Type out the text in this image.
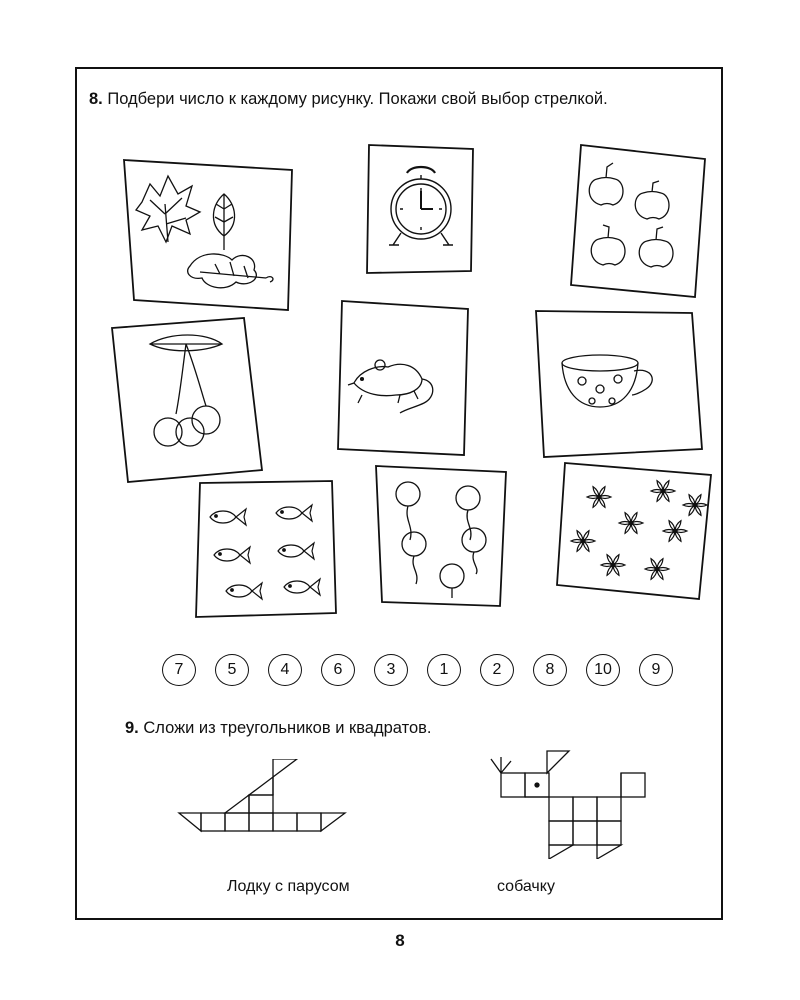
8. Подбери число к каждому рисунку. Покажи свой выбор стрелкой.

7	5	4	6	3	1	2	8	10	9

9. Сложи из треугольников и квадратов.

Лодку с парусом	собачку
8
